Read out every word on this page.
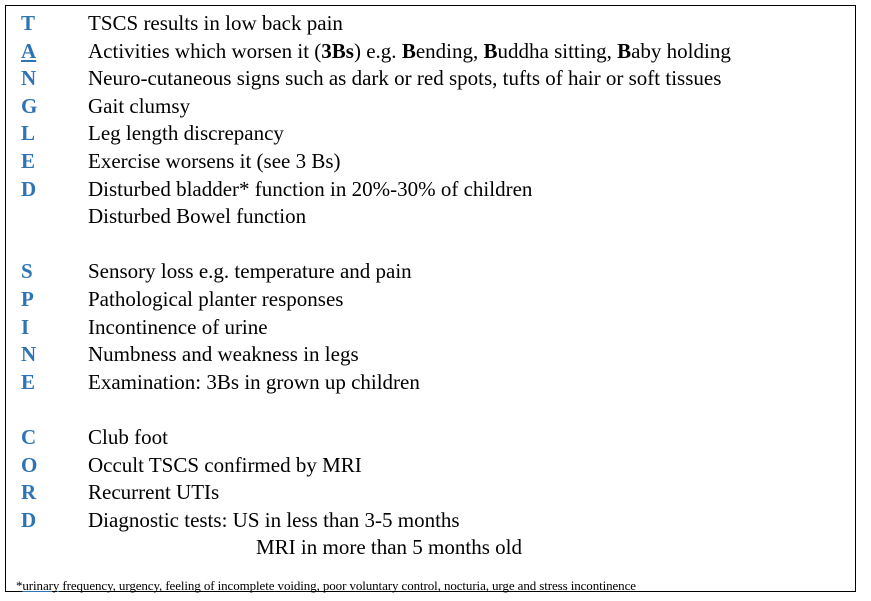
T	TSCS results in low back pain
A	Activities which worsen it (3Bs) e.g. Bending, Buddha sitting, Baby holding
N	Neuro-cutaneous signs such as dark or red spots, tufts of hair or soft tissues
G	Gait clumsy
L	Leg length discrepancy
E	Exercise worsens it (see 3 Bs)
D	Disturbed bladder* function in 20%-30% of children
Disturbed Bowel function
S	Sensory loss e.g. temperature and pain
P	Pathological planter responses
I	Incontinence of urine
N	Numbness and weakness in legs
E	Examination: 3Bs in grown up children
C	Club foot
O	Occult TSCS confirmed by MRI
R	Recurrent UTIs
D	Diagnostic tests: US in less than 3-5 months
MRI in more than 5 months old
*urinary frequency, urgency, feeling of incomplete voiding, poor voluntary control, nocturia, urge and stress incontinence
